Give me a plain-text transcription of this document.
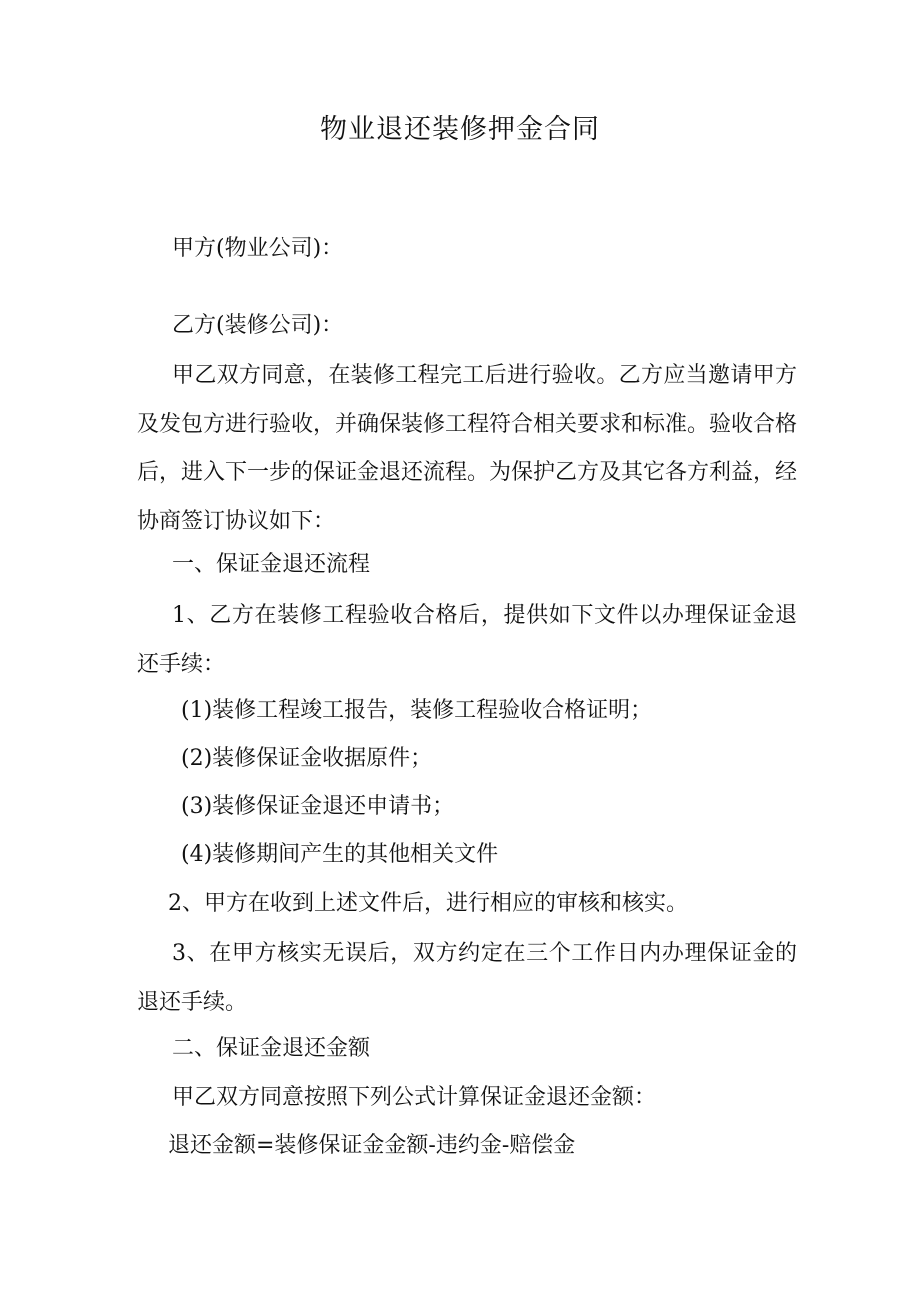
物业退还装修押金合同
甲方(物业公司)：
乙方(装修公司)：
甲乙双方同意，在装修工程完工后进行验收。乙方应当邀请甲方及发包方进行验收，并确保装修工程符合相关要求和标准。验收合格后，进入下一步的保证金退还流程。为保护乙方及其它各方利益，经协商签订协议如下：
一、保证金退还流程
1、乙方在装修工程验收合格后，提供如下文件以办理保证金退还手续：
(1)装修工程竣工报告，装修工程验收合格证明；
(2)装修保证金收据原件；
(3)装修保证金退还申请书；
(4)装修期间产生的其他相关文件
2、甲方在收到上述文件后，进行相应的审核和核实。
3、在甲方核实无误后，双方约定在三个工作日内办理保证金的退还手续。
二、保证金退还金额
甲乙双方同意按照下列公式计算保证金退还金额：
退还金额=装修保证金金额-违约金-赔偿金
